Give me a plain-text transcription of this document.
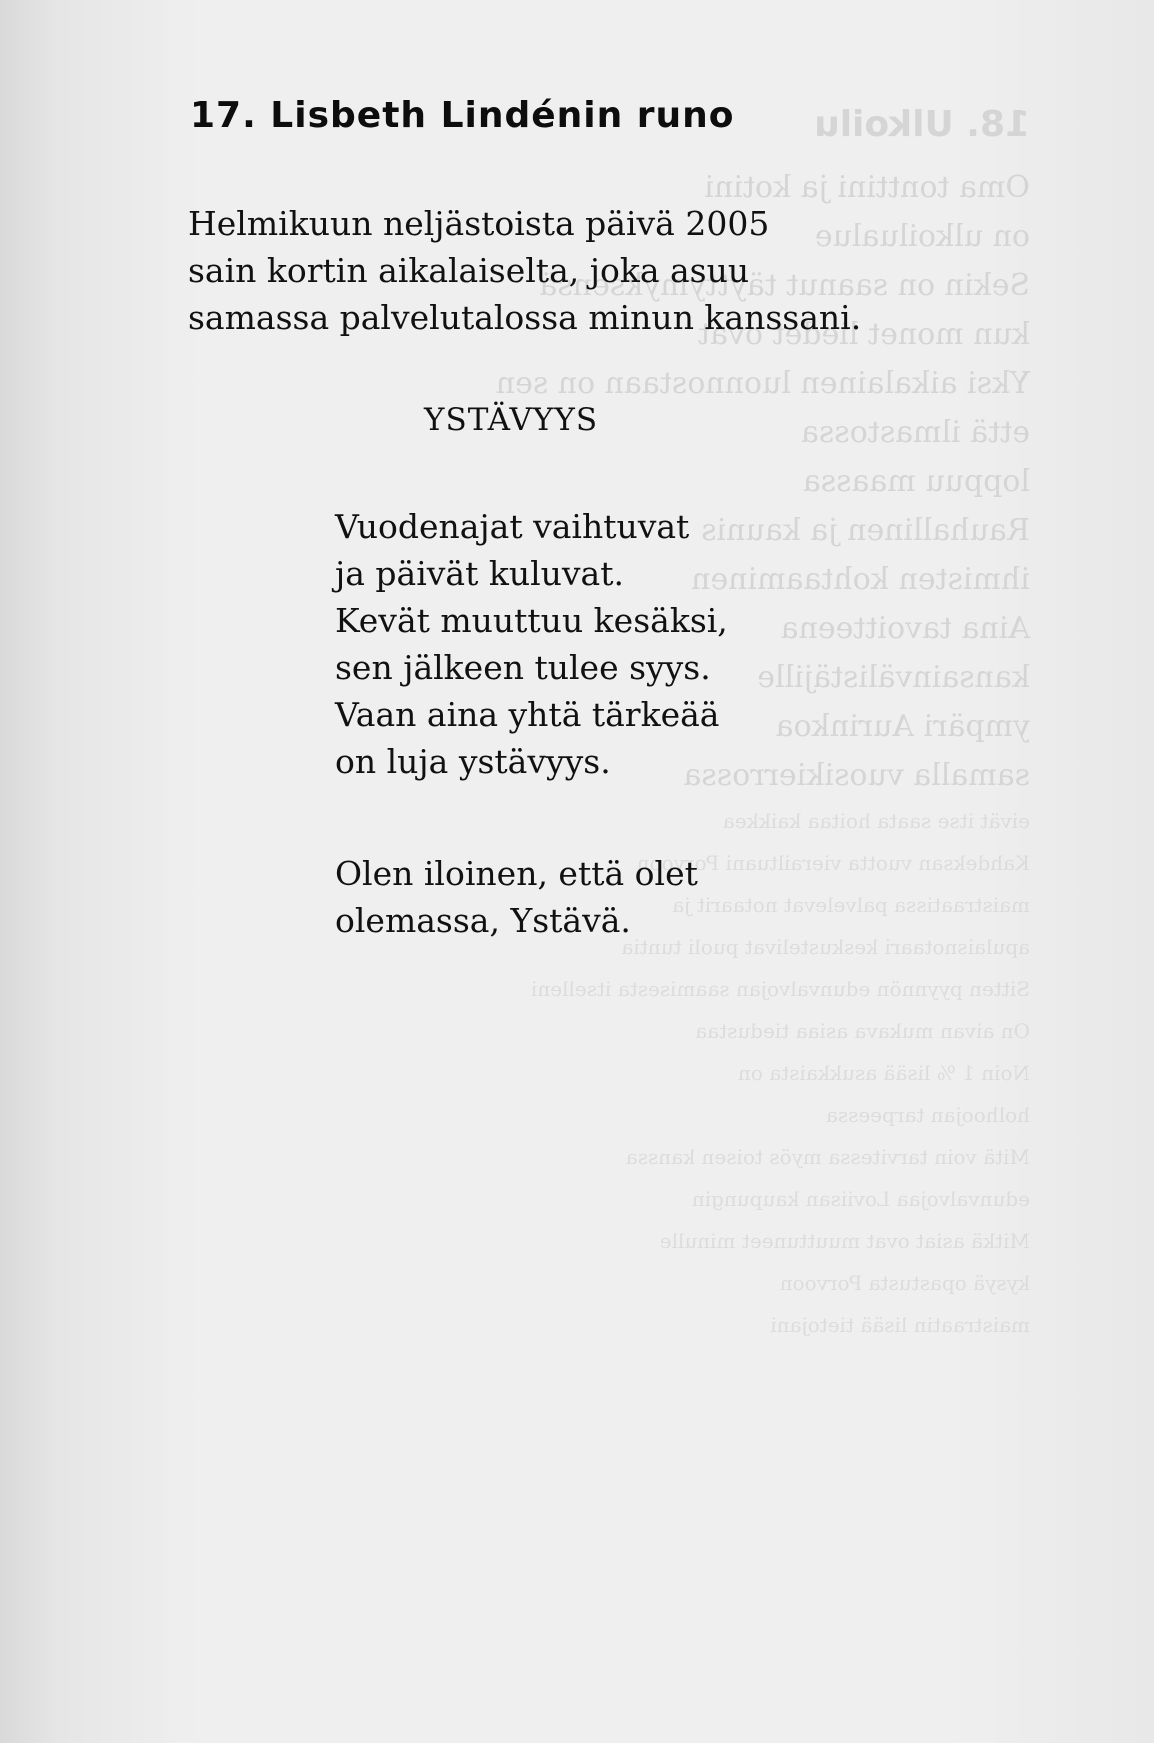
18. Ulkoilu
Oma tonttini ja kotini
on ulkoilualue
Sekin on saanut täyttymyksensä
kun monet liedet ovat
Yksi aikalainen luonnostaan on sen
että ilmastossa
loppuu maassa
Rauhallinen ja kaunis
ihmisten kohtaaminen
Aina tavoitteena
kansainvälistäjille
ympäri Aurinkoa
samalla vuosikierrossa
eivät itse saata hoitaa kaikkea
Kahdeksan vuotta vierailtuani Porvoon
maistraatissa palvelevat notaarit ja
apulaisnotaari keskustelivat puoli tuntia
Sitten pyynnön edunvalvojan saamisesta itselleni
On aivan mukava asiaa tiedustaa
Noin 1 % lisää asukkaista on
holhoojan tarpeessa
Mitä voin tarvitessa myös toisen kanssa
edunvalvojaa Loviisan kaupungin
Mitkä asiat ovat muuttuneet minulle
kysyä opastusta Porvoon
maistraatin lisää tietojani
17. Lisbeth Lindénin runo
Helmikuun neljästoista päivä 2005
sain kortin aikalaiselta, joka asuu
samassa palvelutalossa minun kanssani.
YSTÄVYYS
Vuodenajat vaihtuvat
ja päivät kuluvat.
Kevät muuttuu kesäksi,
sen jälkeen tulee syys.
Vaan aina yhtä tärkeää
on luja ystävyys.
Olen iloinen, että olet
olemassa, Ystävä.
